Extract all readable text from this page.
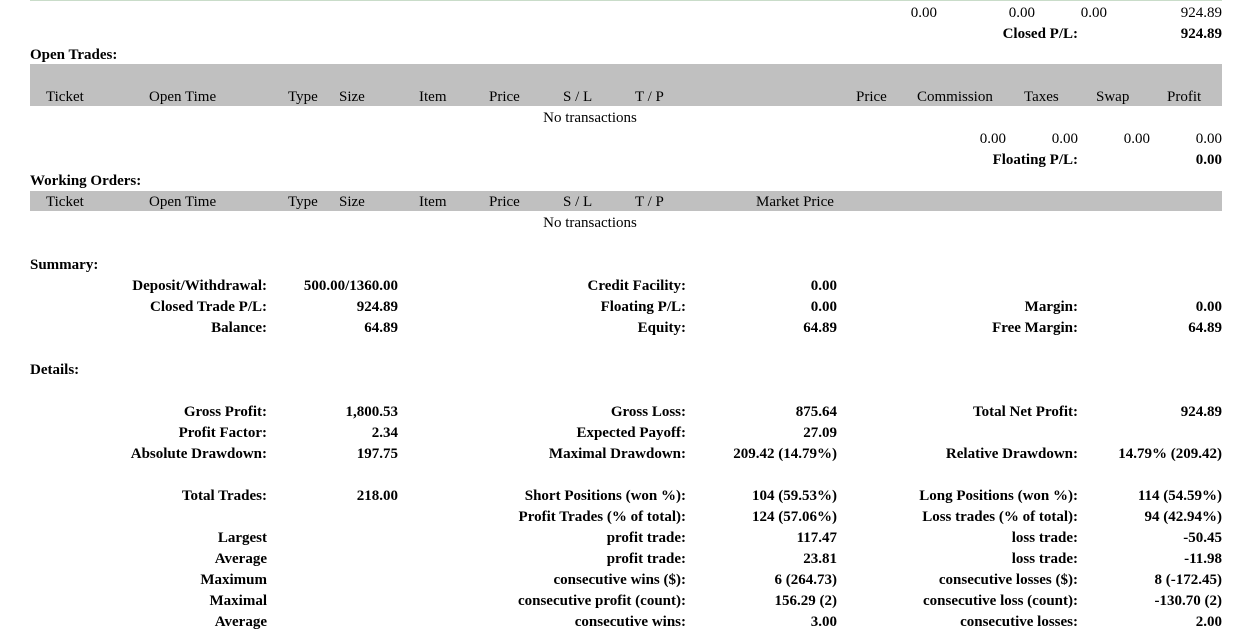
0.00	0.00	0.00	924.89
Closed P/L:	924.89
Open Trades:
Ticket	Open Time	Type Size	Item	Price	S / L	T / P	Price Commission Taxes Swap	Profit
No transactions
0.00	0.00	0.00	0.00
Floating P/L:	0.00
Working Orders:
Ticket	Open Time	Type Size	Item	Price	S / L	T / P	Market Price
No transactions
Summary:
Deposit/Withdrawal:	500.00/1360.00	Credit Facility:	0.00
Closed Trade P/L:	924.89	Floating P/L:	0.00	Margin:	0.00
Balance:	64.89	Equity:	64.89	Free Margin:	64.89
Details:
Gross Profit:	1,800.53	Gross Loss:	875.64	Total Net Profit:	924.89
Profit Factor:	2.34	Expected Payoff:	27.09
Absolute Drawdown:	197.75	Maximal Drawdown:	209.42 (14.79%)	Relative Drawdown:	14.79% (209.42)
Total Trades:	218.00	Short Positions (won %):	104 (59.53%)	Long Positions (won %):	114 (54.59%)
Profit Trades (% of total):	124 (57.06%)	Loss trades (% of total):	94 (42.94%)
Largest	profit trade:	117.47	loss trade:	-50.45
Average	profit trade:	23.81	loss trade:	-11.98
Maximum	consecutive wins ($):	6 (264.73)	consecutive losses ($):	8 (-172.45)
Maximal	consecutive profit (count):	156.29 (2)	consecutive loss (count):	-130.70 (2)
Average	consecutive wins:	3.00	consecutive losses:	2.00
